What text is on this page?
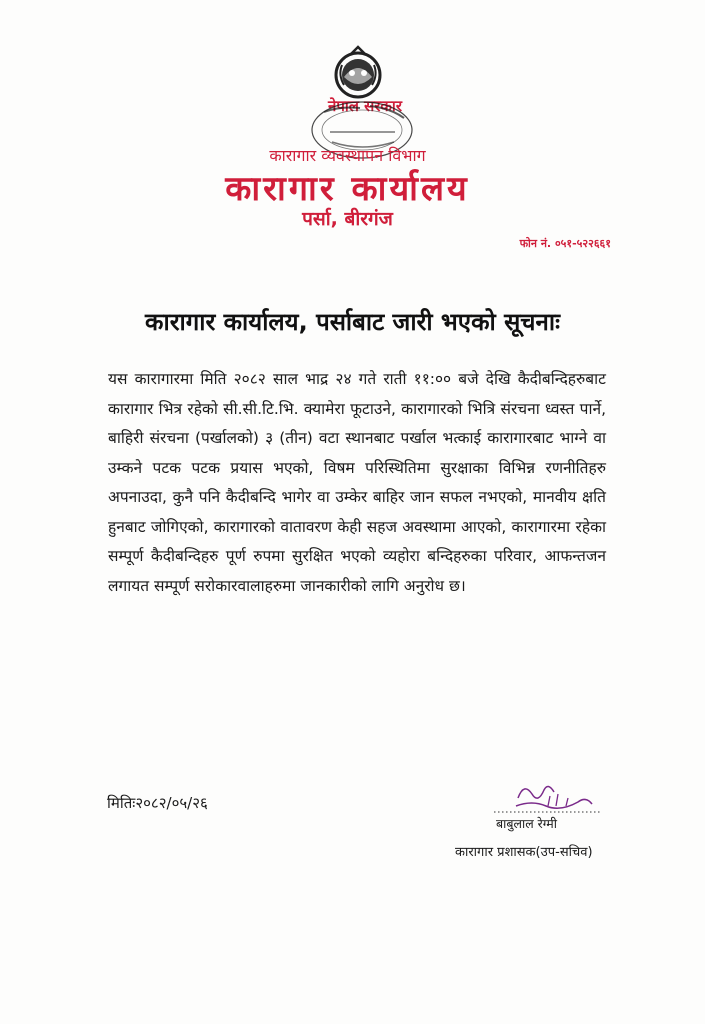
नेपाल सरकार
कारागार व्यवस्थापन विभाग
कारागार कार्यालय
पर्सा, बीरगंज
फोन नं. ०५१-५२२६६१
कारागार कार्यालय, पर्साबाट जारी भएको सूचनाः
यस कारागारमा मिति २०८२ साल भाद्र २४ गते राती ११:०० बजे देखि कैदीबन्दिहरुबाट कारागार भित्र रहेको सी.सी.टि.भि. क्यामेरा फूटाउने, कारागारको भित्रि संरचना ध्वस्त पार्ने, बाहिरी संरचना (पर्खालको) ३ (तीन) वटा स्थानबाट पर्खाल भत्काई कारागारबाट भाग्ने वा उम्कने पटक पटक प्रयास भएको, विषम परिस्थितिमा सुरक्षाका विभिन्न रणनीतिहरु अपनाउदा, कुनै पनि कैदीबन्दि भागेर वा उम्केर बाहिर जान सफल नभएको, मानवीय क्षति हुनबाट जोगिएको, कारागारको वातावरण केही सहज अवस्थामा आएको, कारागारमा रहेका सम्पूर्ण कैदीबन्दिहरु पूर्ण रुपमा सुरक्षित भएको व्यहोरा बन्दिहरुका परिवार, आफन्तजन लगायत सम्पूर्ण सरोकारवालाहरुमा जानकारीको लागि अनुरोध छ।
मितिः२०८२/०५/२६
बाबुलाल रेग्मी
कारागार प्रशासक(उप-सचिव)
